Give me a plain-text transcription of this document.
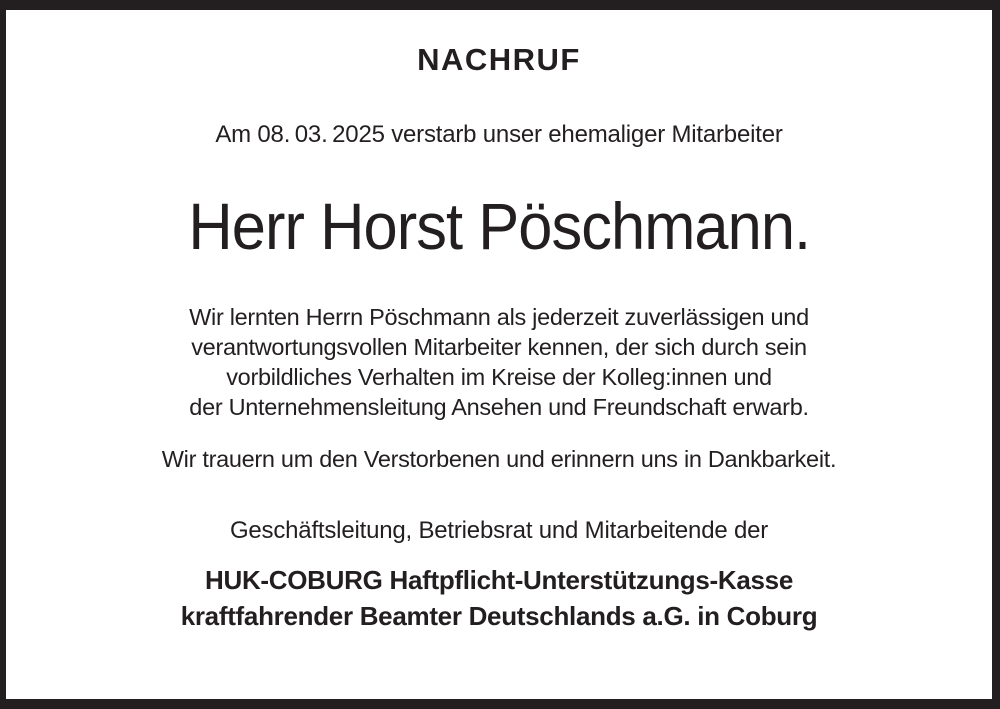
NACHRUF
Am 08. 03. 2025 verstarb unser ehemaliger Mitarbeiter
Herr Horst Pöschmann.
Wir lernten Herrn Pöschmann als jederzeit zuverlässigen und
verantwortungsvollen Mitarbeiter kennen, der sich durch sein
vorbildliches Verhalten im Kreise der Kolleg:innen und
der Unternehmensleitung Ansehen und Freundschaft erwarb.
Wir trauern um den Verstorbenen und erinnern uns in Dankbarkeit.
Geschäftsleitung, Betriebsrat und Mitarbeitende der
HUK-COBURG Haftpflicht-Unterstützungs-Kasse
kraftfahrender Beamter Deutschlands a.G. in Coburg
